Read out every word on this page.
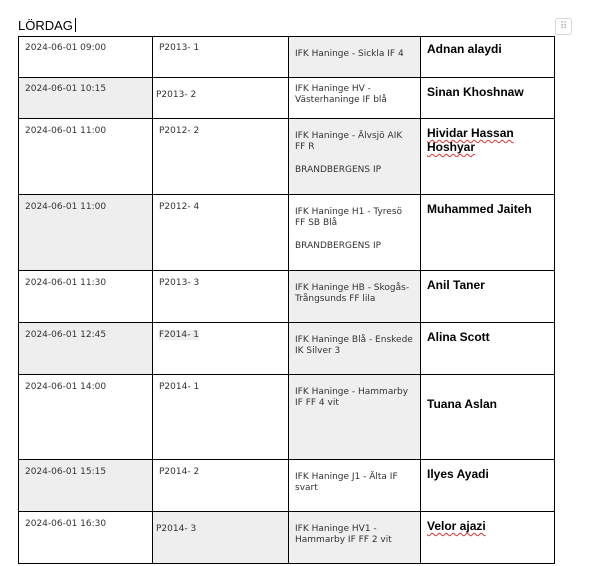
LÖRDAG	⠿
2024-06-01 09:00	P2013- 1	IFK Haninge - Sickla IF 4	Adnan alaydi

2024-06-01 10:15	P2013- 2	IFK Haninge HV - Västerhaninge IF blå	Sinan Khoshnaw

2024-06-01 11:00	P2012- 2	IFK Haninge - Älvsjö AIK FF R
BRANDBERGENS IP	Hividar Hassan Hoshyar

2024-06-01 11:00	P2012- 4	IFK Haninge H1 - Tyresö FF SB Blå
BRANDBERGENS IP	Muhammed Jaiteh

2024-06-01 11:30	P2013- 3	IFK Haninge HB - Skogås-Trångsunds FF lila	Anil Taner

2024-06-01 12:45	F2014- 1	IFK Haninge Blå - Enskede IK Silver 3	Alina Scott

2024-06-01 14:00	P2014- 1	IFK Haninge - Hammarby IF FF 4 vit	Tuana Aslan

2024-06-01 15:15	P2014- 2	IFK Haninge J1 - Älta IF svart	Ilyes Ayadi

2024-06-01 16:30	P2014- 3	IFK Haninge HV1 - Hammarby IF FF 2 vit	Velor ajazi
